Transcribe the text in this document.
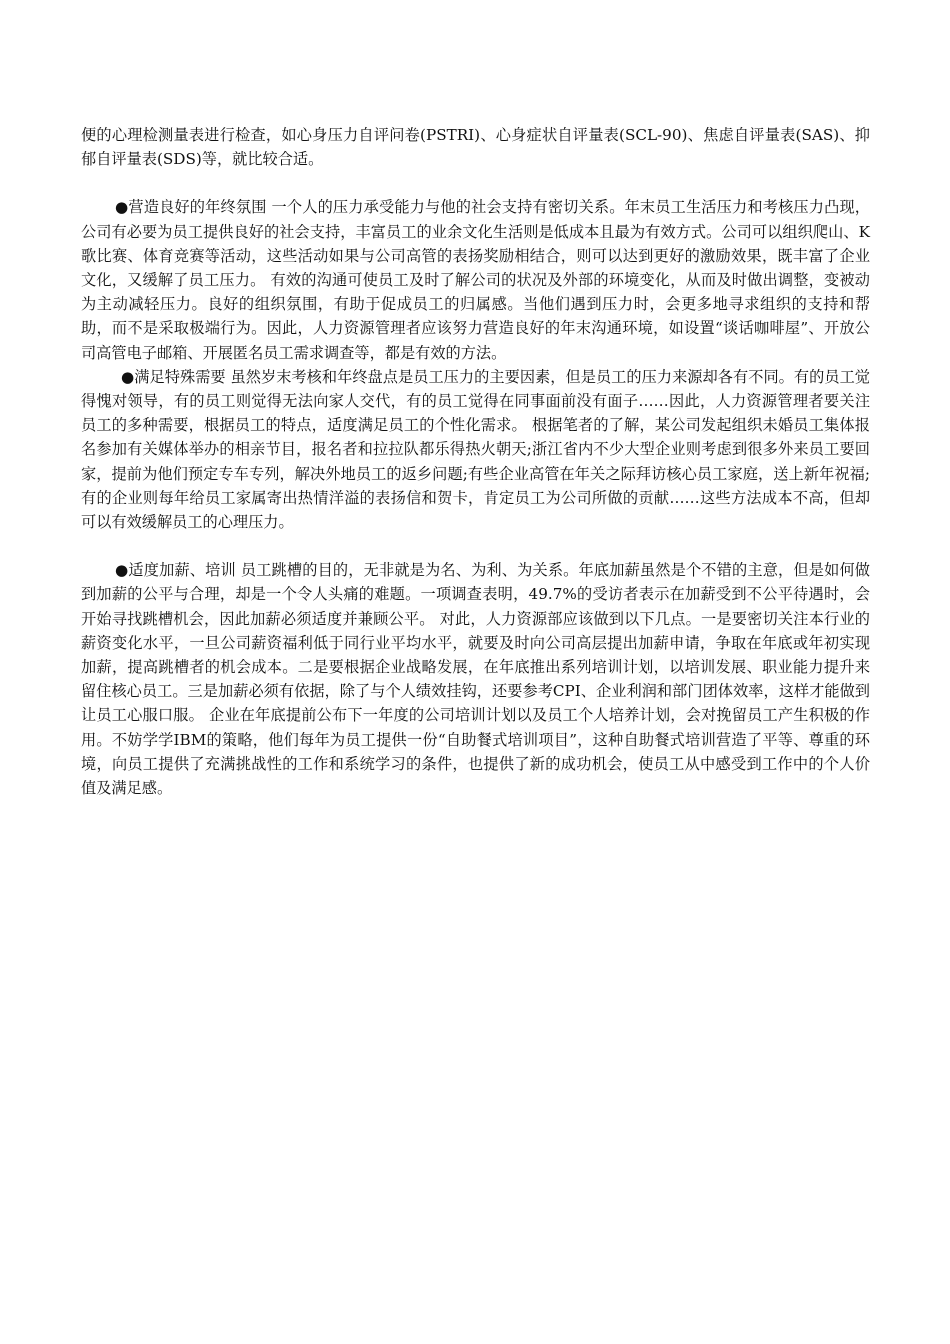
便的心理检测量表进行检查，如心身压力自评问卷(PSTRI)、心身症状自评量表(SCL-90)、焦虑自评量表(SAS)、抑郁自评量表(SDS)等，就比较合适。

●营造良好的年终氛围 一个人的压力承受能力与他的社会支持有密切关系。年末员工生活压力和考核压力凸现，公司有必要为员工提供良好的社会支持，丰富员工的业余文化生活则是低成本且最为有效方式。公司可以组织爬山、K歌比赛、体育竞赛等活动，这些活动如果与公司高管的表扬奖励相结合，则可以达到更好的激励效果，既丰富了企业文化，又缓解了员工压力。 有效的沟通可使员工及时了解公司的状况及外部的环境变化，从而及时做出调整，变被动为主动减轻压力。良好的组织氛围，有助于促成员工的归属感。当他们遇到压力时，会更多地寻求组织的支持和帮助，而不是采取极端行为。因此，人力资源管理者应该努力营造良好的年末沟通环境，如设置“谈话咖啡屋”、开放公司高管电子邮箱、开展匿名员工需求调查等，都是有效的方法。

●满足特殊需要 虽然岁末考核和年终盘点是员工压力的主要因素，但是员工的压力来源却各有不同。有的员工觉得愧对领导，有的员工则觉得无法向家人交代，有的员工觉得在同事面前没有面子……因此，人力资源管理者要关注员工的多种需要，根据员工的特点，适度满足员工的个性化需求。 根据笔者的了解，某公司发起组织未婚员工集体报名参加有关媒体举办的相亲节目，报名者和拉拉队都乐得热火朝天;浙江省内不少大型企业则考虑到很多外来员工要回家，提前为他们预定专车专列，解决外地员工的返乡问题;有些企业高管在年关之际拜访核心员工家庭，送上新年祝福;有的企业则每年给员工家属寄出热情洋溢的表扬信和贺卡，肯定员工为公司所做的贡献……这些方法成本不高，但却可以有效缓解员工的心理压力。

●适度加薪、培训 员工跳槽的目的，无非就是为名、为利、为关系。年底加薪虽然是个不错的主意，但是如何做到加薪的公平与合理，却是一个令人头痛的难题。一项调查表明，49.7%的受访者表示在加薪受到不公平待遇时，会开始寻找跳槽机会，因此加薪必须适度并兼顾公平。 对此，人力资源部应该做到以下几点。一是要密切关注本行业的薪资变化水平，一旦公司薪资福利低于同行业平均水平，就要及时向公司高层提出加薪申请，争取在年底或年初实现加薪，提高跳槽者的机会成本。二是要根据企业战略发展，在年底推出系列培训计划，以培训发展、职业能力提升来留住核心员工。三是加薪必须有依据，除了与个人绩效挂钩，还要参考CPI、企业利润和部门团体效率，这样才能做到让员工心服口服。 企业在年底提前公布下一年度的公司培训计划以及员工个人培养计划，会对挽留员工产生积极的作用。不妨学学IBM的策略，他们每年为员工提供一份“自助餐式培训项目”，这种自助餐式培训营造了平等、尊重的环境，向员工提供了充满挑战性的工作和系统学习的条件，也提供了新的成功机会，使员工从中感受到工作中的个人价值及满足感。
